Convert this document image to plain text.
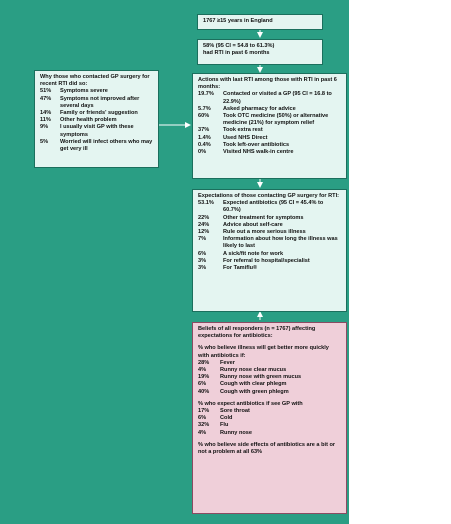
1767 ≥15 years in England
58% (95 CI = 54.8 to 61.3%)
had RTI in past 6 months
Why those who contacted GP surgery for recent RTI did so:
51%	Symptoms severe
47%	Symptoms not improved after several days
14%	Family or friends' suggestion
11%	Other health problem
9%	I usually visit GP with these symptoms
5%	Worried will infect others who may get very ill
Actions with last RTI among those with RTI in past 6 months:
19.7%	Contacted or visited a GP (95 CI = 16.8 to 22.9%)
5.7%	Asked pharmacy for advice
60%	Took OTC medicine (50%) or alternative medicine (21%) for symptom relief
37%	Took extra rest
1.4%	Used NHS Direct
0.4%	Took left-over antibiotics
0%	Visited NHS walk-in centre
Expectations of those contacting GP surgery for RTI:
53.1%	Expected antibiotics (95 CI = 45.4% to 60.7%)
22%	Other treatment for symptoms
24%	Advice about self-care
12%	Rule out a more serious illness
7%	Information about how long the illness was likely to last
6%	A sick/fit note for work
3%	For referral to hospital/specialist
3%	For Tamiflu®
Beliefs of all responders (n = 1767) affecting expectations for antibiotics:
% who believe illness will get better more quickly with antibiotics if:
28%	Fever
4%	Runny nose clear mucus
19%	Runny nose with green mucus
6%	Cough with clear phlegm
40%	Cough with green phlegm
% who expect antibiotics if see GP with
17%	Sore throat
6%	Cold
32%	Flu
4%	Runny nose
% who believe side effects of antibiotics are a bit or not a problem at all 63%
